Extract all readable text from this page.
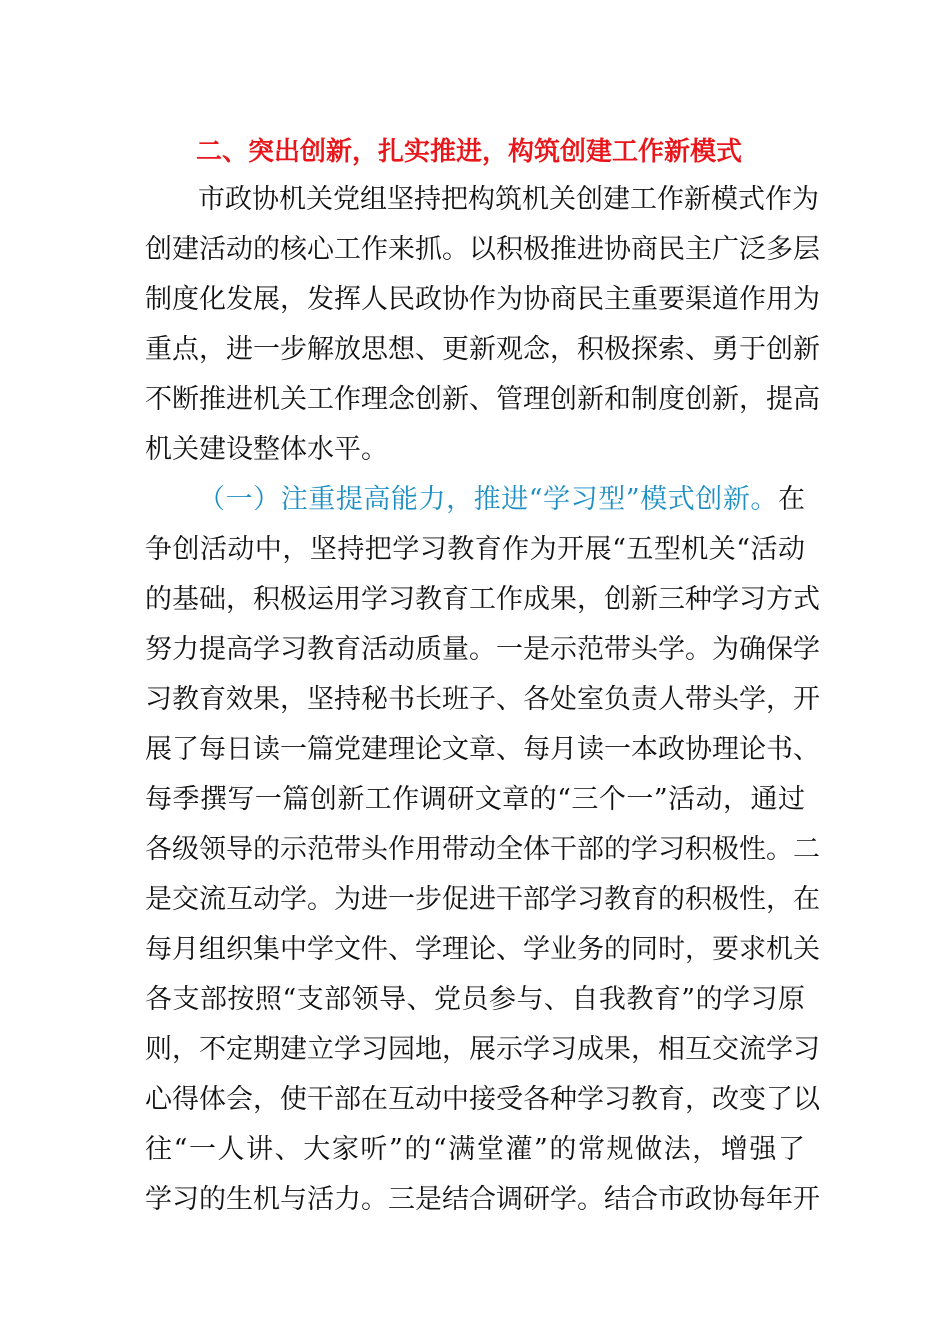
二、突出创新，扎实推进，构筑创建工作新模式
市政协机关党组坚持把构筑机关创建工作新模式作为
创建活动的核心工作来抓。以积极推进协商民主广泛多层
制度化发展，发挥人民政协作为协商民主重要渠道作用为
重点，进一步解放思想、更新观念，积极探索、勇于创新
不断推进机关工作理念创新、管理创新和制度创新，提高
机关建设整体水平。
（一）注重提高能力，推进“学习型”模式创新。在
争创活动中，坚持把学习教育作为开展“五型机关“活动
的基础，积极运用学习教育工作成果，创新三种学习方式
努力提高学习教育活动质量。一是示范带头学。为确保学
习教育效果，坚持秘书长班子、各处室负责人带头学，开
展了每日读一篇党建理论文章、每月读一本政协理论书、
每季撰写一篇创新工作调研文章的“三个一”活动，通过
各级领导的示范带头作用带动全体干部的学习积极性。二
是交流互动学。为进一步促进干部学习教育的积极性，在
每月组织集中学文件、学理论、学业务的同时，要求机关
各支部按照“支部领导、党员参与、自我教育”的学习原
则，不定期建立学习园地，展示学习成果，相互交流学习
心得体会，使干部在互动中接受各种学习教育，改变了以
往“一人讲、大家听”的“满堂灌”的常规做法，增强了
学习的生机与活力。三是结合调研学。结合市政协每年开
